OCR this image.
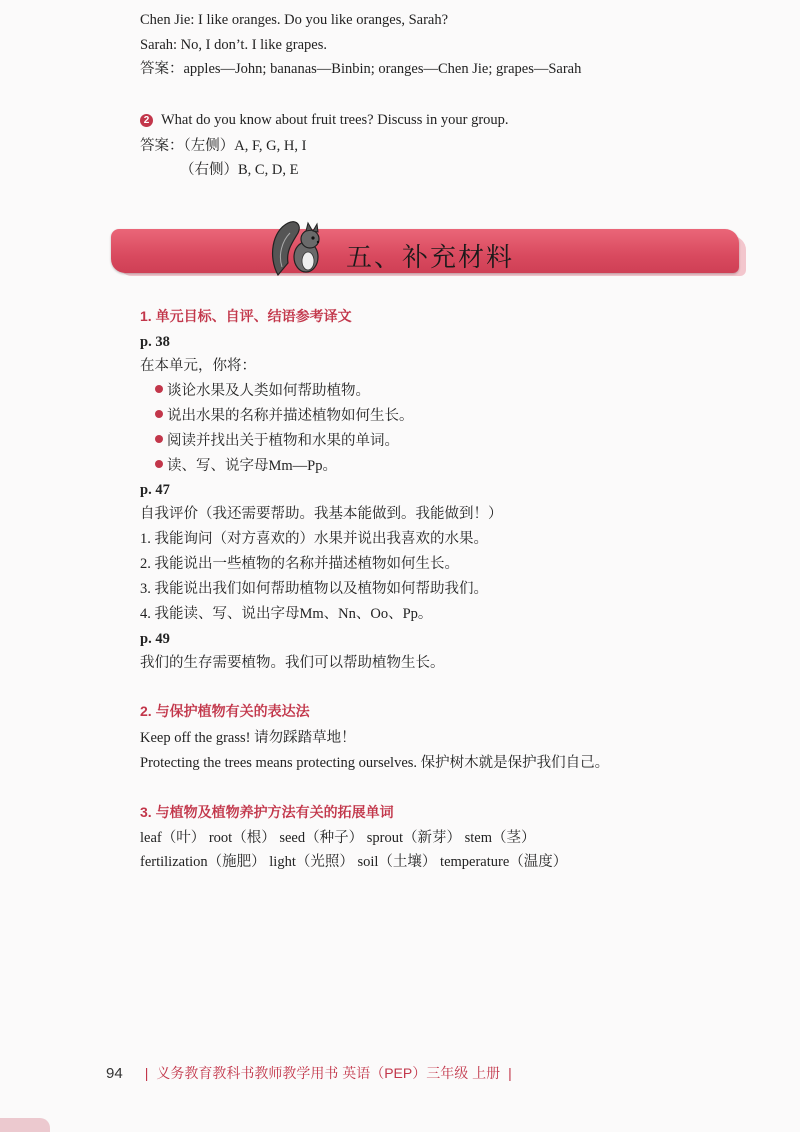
Chen Jie: I like oranges. Do you like oranges, Sarah?
Sarah: No, I don’t. I like grapes.
答案：apples—John; bananas—Binbin; oranges—Chen Jie; grapes—Sarah
2 What do you know about fruit trees? Discuss in your group.
答案：（左侧）A, F, G, H, I
（右侧）B, C, D, E
五、补充材料
1. 单元目标、自评、结语参考译文
p. 38
在本单元，你将：
谈论水果及人类如何帮助植物。
说出水果的名称并描述植物如何生长。
阅读并找出关于植物和水果的单词。
读、写、说字母Mm—Pp。
p. 47
自我评价（我还需要帮助。我基本能做到。我能做到！）
1. 我能询问（对方喜欢的）水果并说出我喜欢的水果。
2. 我能说出一些植物的名称并描述植物如何生长。
3. 我能说出我们如何帮助植物以及植物如何帮助我们。
4. 我能读、写、说出字母Mm、Nn、Oo、Pp。
p. 49
我们的生存需要植物。我们可以帮助植物生长。
2. 与保护植物有关的表达法
Keep off the grass! 请勿踩踏草地！
Protecting the trees means protecting ourselves. 保护树木就是保护我们自己。
3. 与植物及植物养护方法有关的拓展单词
leaf（叶） root（根） seed（种子） sprout（新芽） stem（茎）
fertilization（施肥） light（光照） soil（土壤） temperature（温度）
94 | 义务教育教科书教师教学用书 英语（PEP）三年级 上册 |
